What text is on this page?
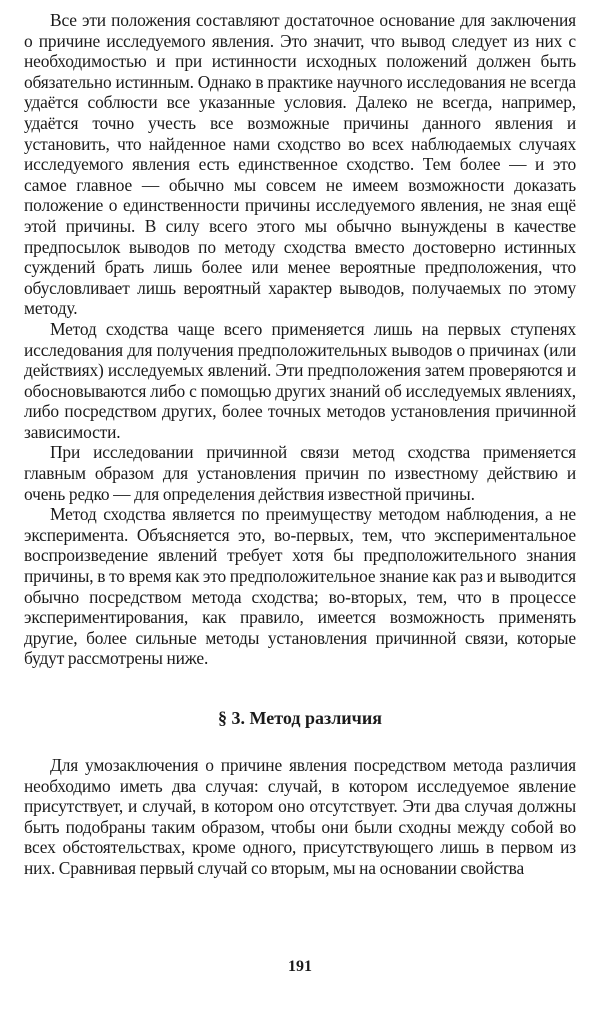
Все эти положения составляют достаточное основание для заключения о причине исследуемого явления. Это значит, что вывод следует из них с необходимостью и при истинности исходных положений должен быть обязательно истинным. Однако в практике научного исследования не всегда удаётся соблюсти все указанные условия. Далеко не всегда, например, удаётся точно учесть все возможные причины данного явления и установить, что найденное нами сходство во всех наблюдаемых случаях исследуемого явления есть единственное сходство. Тем более — и это самое главное — обычно мы совсем не имеем возможности доказать положение о единственности причины исследуемого явления, не зная ещё этой причины. В силу всего этого мы обычно вынуждены в качестве предпосылок выводов по методу сходства вместо достоверно истинных суждений брать лишь более или менее вероятные предположения, что обусловливает лишь вероятный характер выводов, получаемых по этому методу.

Метод сходства чаще всего применяется лишь на первых ступенях исследования для получения предположительных выводов о причинах (или действиях) исследуемых явлений. Эти предположения затем проверяются и обосновываются либо с помощью других знаний об исследуемых явлениях, либо посредством других, более точных методов установления причинной зависимости.

При исследовании причинной связи метод сходства применяется главным образом для установления причин по известному действию и очень редко — для определения действия известной причины.

Метод сходства является по преимуществу методом наблюдения, а не эксперимента. Объясняется это, во-первых, тем, что экспериментальное воспроизведение явлений требует хотя бы предположительного знания причины, в то время как это предположительное знание как раз и выводится обычно посредством метода сходства; во-вторых, тем, что в процессе экспериментирования, как правило, имеется возможность применять другие, более сильные методы установления причинной связи, которые будут рассмотрены ниже.

§ 3. Метод различия

Для умозаключения о причине явления посредством метода различия необходимо иметь два случая: случай, в котором исследуемое явление присутствует, и случай, в котором оно отсутствует. Эти два случая должны быть подобраны таким образом, чтобы они были сходны между собой во всех обстоятельствах, кроме одного, присутствующего лишь в первом из них. Сравнивая первый случай со вторым, мы на основании свойства

191
